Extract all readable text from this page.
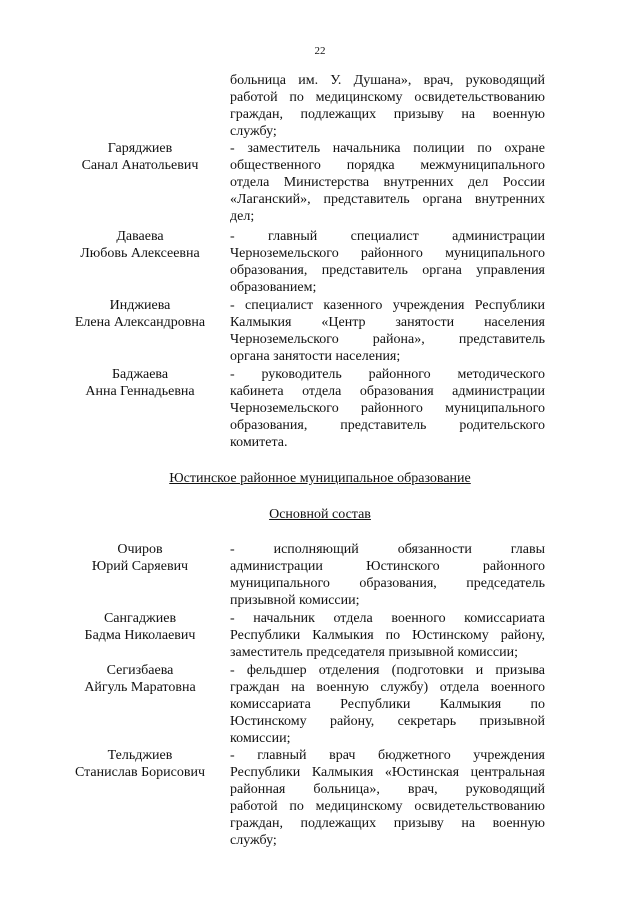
22
больница им. У. Душана», врач, руководящий
работой по медицинскому освидетельствованию
граждан, подлежащих призыву на военную
службу;
Гаряджиев
Санал Анатольевич
- заместитель начальника полиции по охране
общественного порядка межмуниципального
отдела Министерства внутренних дел России
«Лаганский», представитель органа внутренних
дел;
Даваева
Любовь Алексеевна
- главный специалист администрации
Черноземельского районного муниципального
образования, представитель органа управления
образованием;
Инджиева
Елена Александровна
- специалист казенного учреждения Республики
Калмыкия «Центр занятости населения
Черноземельского района», представитель
органа занятости населения;
Баджаева
Анна Геннадьевна
- руководитель районного методического
кабинета отдела образования администрации
Черноземельского районного муниципального
образования, представитель родительского
комитета.
Юстинское районное муниципальное образование
Основной состав
Очиров
Юрий Саряевич
- исполняющий обязанности главы
администрации Юстинского районного
муниципального образования, председатель
призывной комиссии;
Сангаджиев
Бадма Николаевич
- начальник отдела военного комиссариата
Республики Калмыкия по Юстинскому району,
заместитель председателя призывной комиссии;
Сегизбаева
Айгуль Маратовна
- фельдшер отделения (подготовки и призыва
граждан на военную службу) отдела военного
комиссариата Республики Калмыкия по
Юстинскому району, секретарь призывной
комиссии;
Тельджиев
Станислав Борисович
- главный врач бюджетного учреждения
Республики Калмыкия «Юстинская центральная
районная больница», врач, руководящий
работой по медицинскому освидетельствованию
граждан, подлежащих призыву на военную
службу;
